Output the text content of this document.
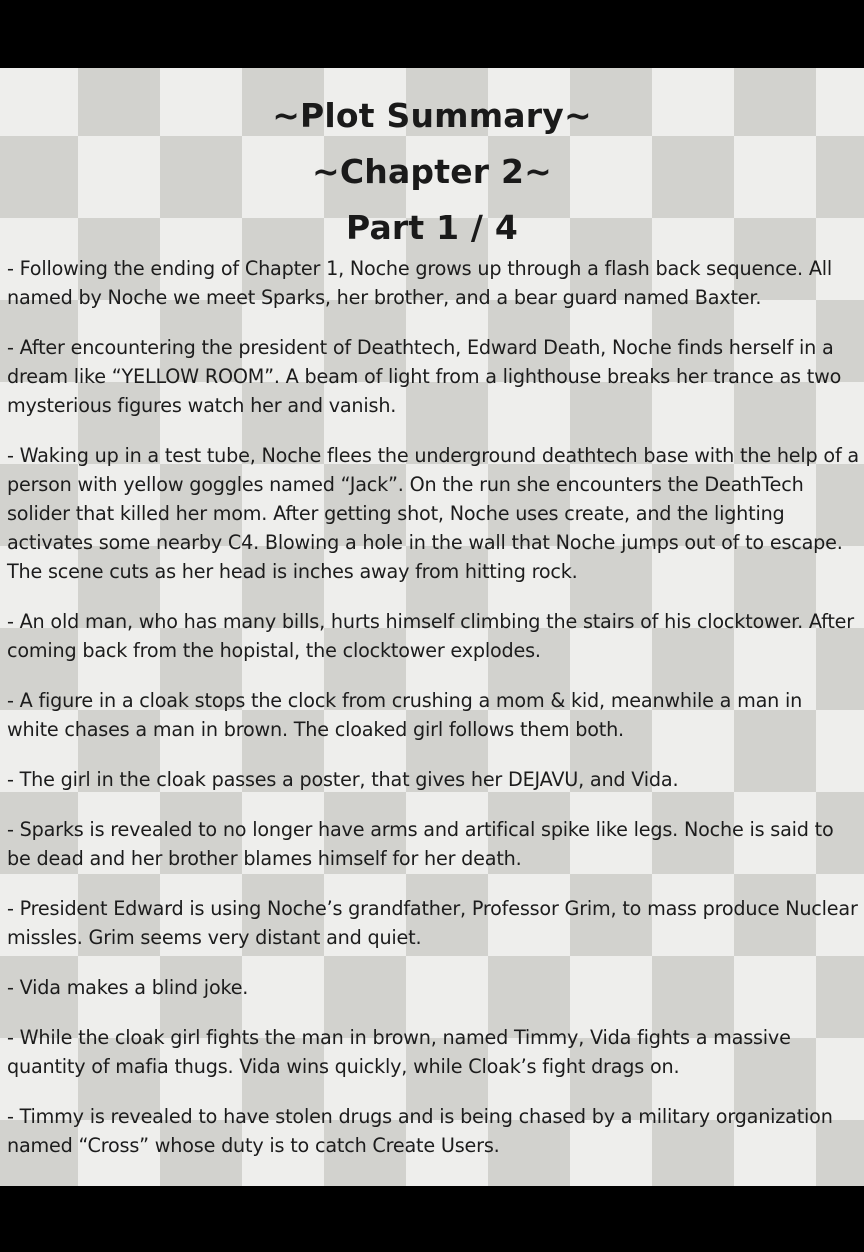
~Plot Summary~
~Chapter 2~
Part 1 / 4

- Following the ending of Chapter 1, Noche grows up through a flash back sequence. All named by Noche we meet Sparks, her brother, and a bear guard named Baxter.

- After encountering the president of Deathtech, Edward Death, Noche finds herself in a dream like “YELLOW ROOM”. A beam of light from a lighthouse breaks her trance as two mysterious figures watch her and vanish.

- Waking up in a test tube, Noche flees the underground deathtech base with the help of a person with yellow goggles named “Jack”. On the run she encounters the DeathTech solider that killed her mom. After getting shot, Noche uses create, and the lighting activates some nearby C4. Blowing a hole in the wall that Noche jumps out of to escape. The scene cuts as her head is inches away from hitting rock.

- An old man, who has many bills, hurts himself climbing the stairs of his clocktower. After coming back from the hopistal, the clocktower explodes.

- A figure in a cloak stops the clock from crushing a mom & kid, meanwhile a man in white chases a man in brown. The cloaked girl follows them both.

- The girl in the cloak passes a poster, that gives her DEJAVU, and Vida.

- Sparks is revealed to no longer have arms and artifical spike like legs. Noche is said to be dead and her brother blames himself for her death.

- President Edward is using Noche’s grandfather, Professor Grim, to mass produce Nuclear missles. Grim seems very distant and quiet.

- Vida makes a blind joke.

- While the cloak girl fights the man in brown, named Timmy, Vida fights a massive quantity of mafia thugs. Vida wins quickly, while Cloak’s fight drags on.

- Timmy is revealed to have stolen drugs and is being chased by a military organization named “Cross” whose duty is to catch Create Users.
